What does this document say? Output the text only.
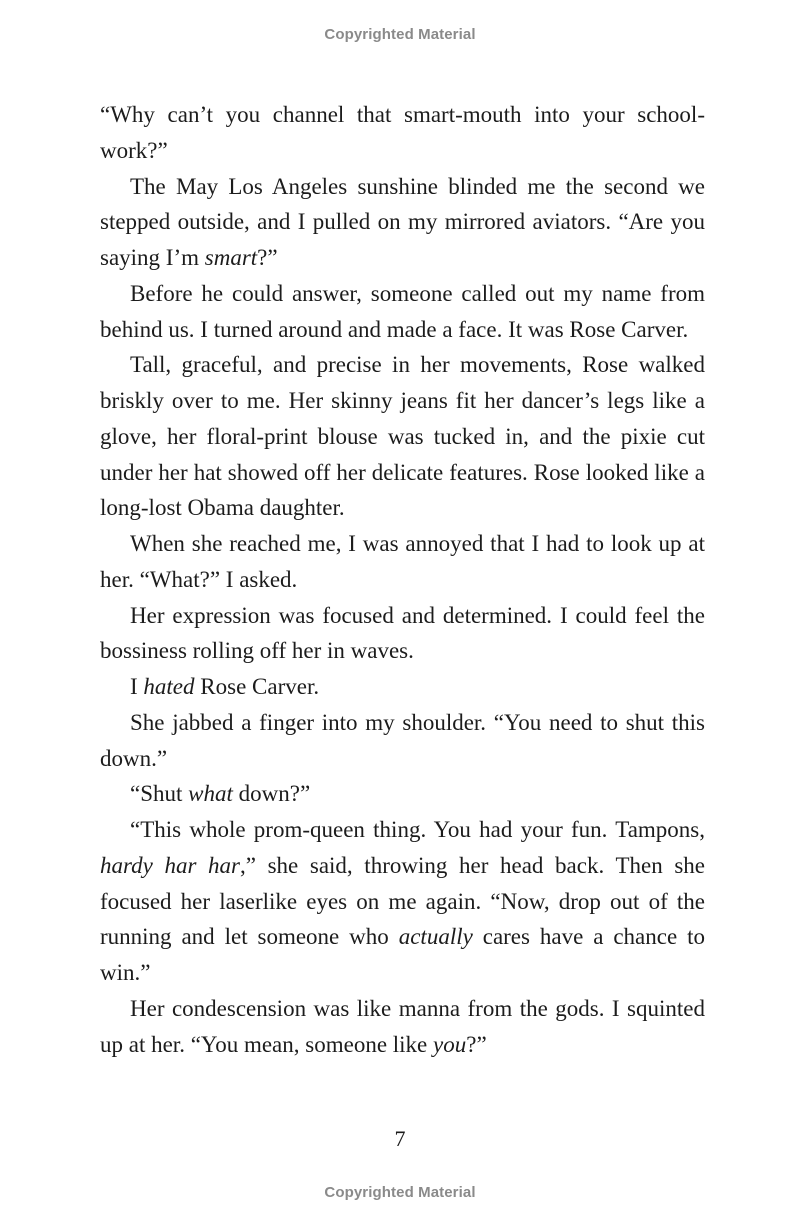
Copyrighted Material

“Why can’t you channel that smart-mouth into your schoolwork?”

The May Los Angeles sunshine blinded me the second we stepped outside, and I pulled on my mirrored aviators. “Are you saying I’m smart?”

Before he could answer, someone called out my name from behind us. I turned around and made a face. It was Rose Carver.

Tall, graceful, and precise in her movements, Rose walked briskly over to me. Her skinny jeans fit her dancer’s legs like a glove, her floral-print blouse was tucked in, and the pixie cut under her hat showed off her delicate features. Rose looked like a long-lost Obama daughter.

When she reached me, I was annoyed that I had to look up at her. “What?” I asked.

Her expression was focused and determined. I could feel the bossiness rolling off her in waves.

I hated Rose Carver.

She jabbed a finger into my shoulder. “You need to shut this down.”

“Shut what down?”

“This whole prom-queen thing. You had your fun. Tampons, hardy har har,” she said, throwing her head back. Then she focused her laserlike eyes on me again. “Now, drop out of the running and let someone who actually cares have a chance to win.”

Her condescension was like manna from the gods. I squinted up at her. “You mean, someone like you?”

7
Copyrighted Material
